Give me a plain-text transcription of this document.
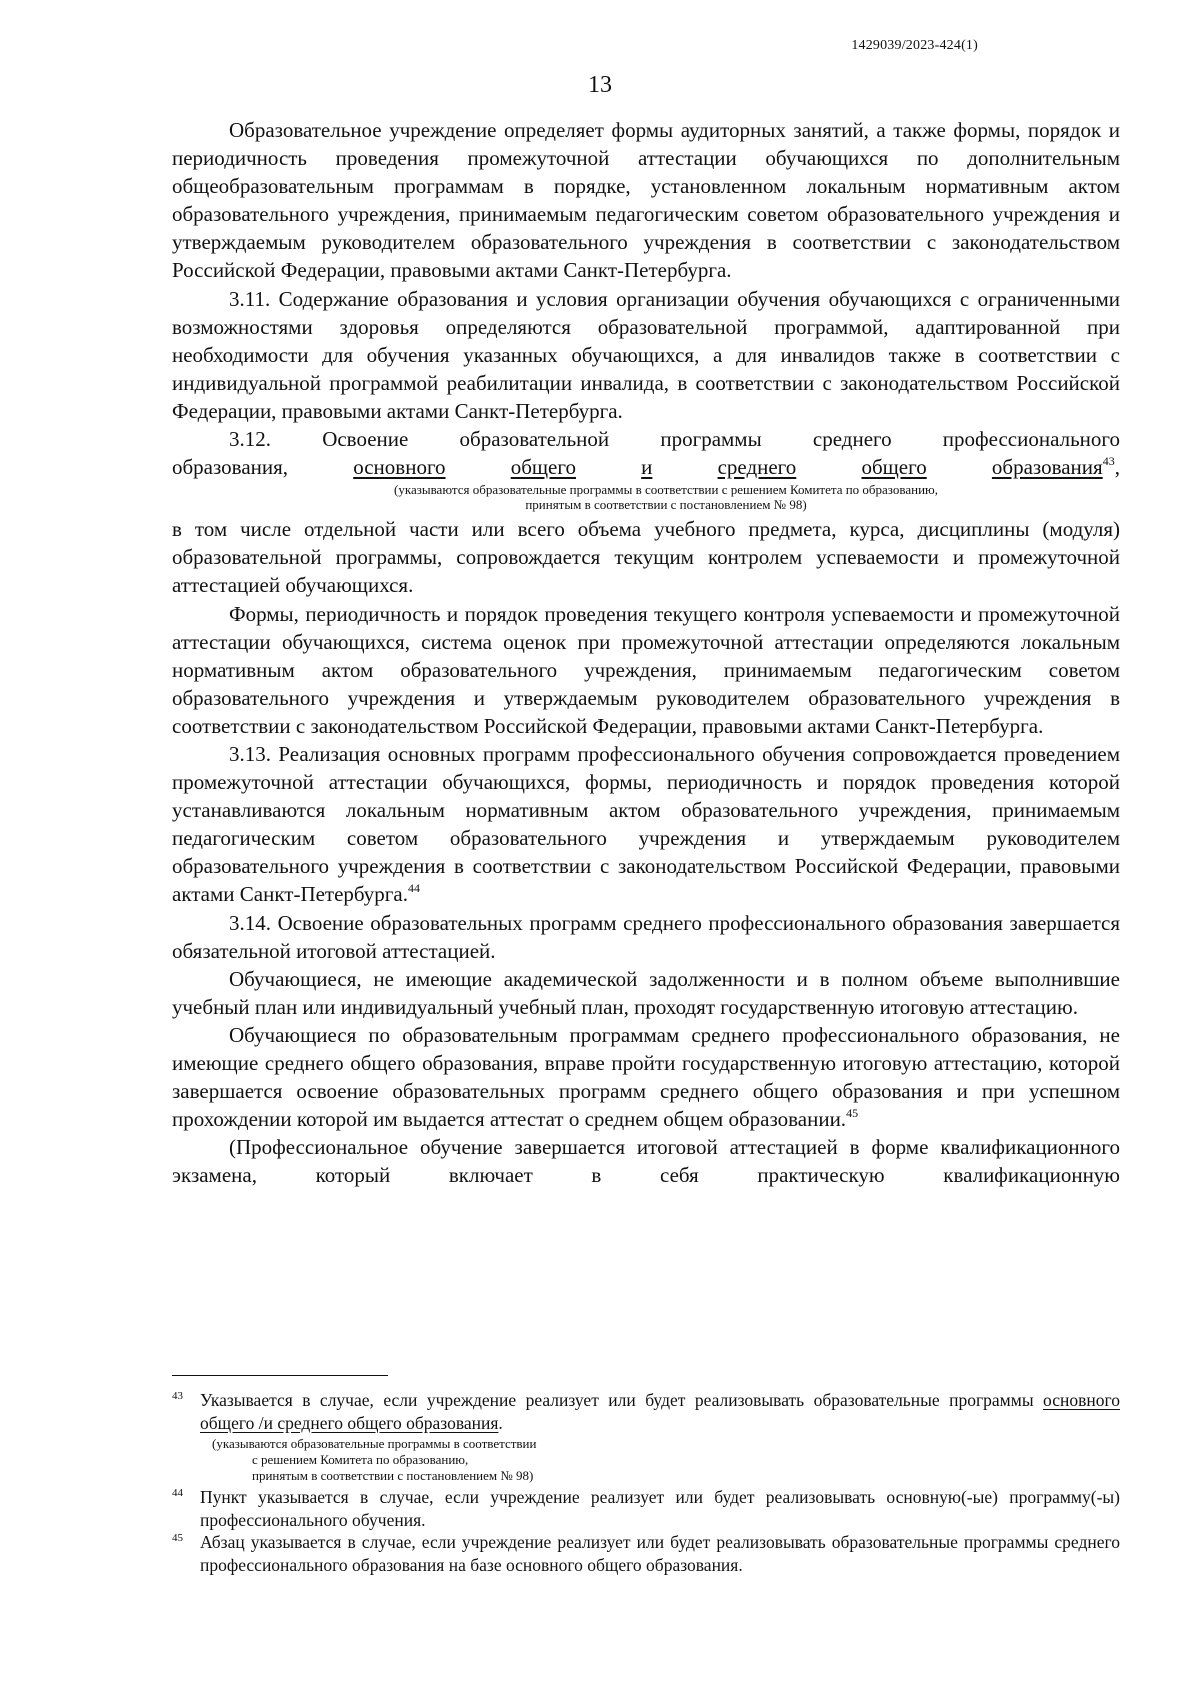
1429039/2023-424(1)
13

Образовательное учреждение определяет формы аудиторных занятий, а также формы, порядок и периодичность проведения промежуточной аттестации обучающихся по дополнительным общеобразовательным программам в порядке, установленном локальным нормативным актом образовательного учреждения, принимаемым педагогическим советом образовательного учреждения и утверждаемым руководителем образовательного учреждения в соответствии с законодательством Российской Федерации, правовыми актами Санкт-Петербурга.

3.11. Содержание образования и условия организации обучения обучающихся с ограниченными возможностями здоровья определяются образовательной программой, адаптированной при необходимости для обучения указанных обучающихся, а для инвалидов также в соответствии с индивидуальной программой реабилитации инвалида, в соответствии с законодательством Российской Федерации, правовыми актами Санкт-Петербурга.

3.12. Освоение образовательной программы среднего профессионального

образования,	основного	общего	и	среднего	общего	образования$^{43}$,
(указываются образовательные программы в соответствии с решением Комитета по образованию,
принятым в соответствии с постановлением № 98)

в том числе отдельной части или всего объема учебного предмета, курса, дисциплины (модуля) образовательной программы, сопровождается текущим контролем успеваемости и промежуточной аттестацией обучающихся.

Формы, периодичность и порядок проведения текущего контроля успеваемости и промежуточной аттестации обучающихся, система оценок при промежуточной аттестации определяются локальным нормативным актом образовательного учреждения, принимаемым педагогическим советом образовательного учреждения и утверждаемым руководителем образовательного учреждения в соответствии с законодательством Российской Федерации, правовыми актами Санкт-Петербурга.

3.13. Реализация основных программ профессионального обучения сопровождается проведением промежуточной аттестации обучающихся, формы, периодичность и порядок проведения которой устанавливаются локальным нормативным актом образовательного учреждения, принимаемым педагогическим советом образовательного учреждения и утверждаемым руководителем образовательного учреждения в соответствии с законодательством Российской Федерации, правовыми актами Санкт-Петербурга.$^{44}$

3.14. Освоение образовательных программ среднего профессионального образования завершается обязательной итоговой аттестацией.

Обучающиеся, не имеющие академической задолженности и в полном объеме выполнившие учебный план или индивидуальный учебный план, проходят государственную итоговую аттестацию.

Обучающиеся по образовательным программам среднего профессионального образования, не имеющие среднего общего образования, вправе пройти государственную итоговую аттестацию, которой завершается освоение образовательных программ среднего общего образования и при успешном прохождении которой им выдается аттестат о среднем общем образовании.$^{45}$

(Профессиональное обучение завершается итоговой аттестацией в форме квалификационного экзамена, который включает в себя практическую квалификационную

43 Указывается в случае, если учреждение реализует или будет реализовывать образовательные программы основного общего /и среднего общего образования.
(указываются образовательные программы в соответствии
с решением Комитета по образованию,
принятым в соответствии с постановлением № 98)
44 Пункт указывается в случае, если учреждение реализует или будет реализовывать основную(-ые) программу(-ы) профессионального обучения.
45 Абзац указывается в случае, если учреждение реализует или будет реализовывать образовательные программы среднего профессионального образования на базе основного общего образования.
